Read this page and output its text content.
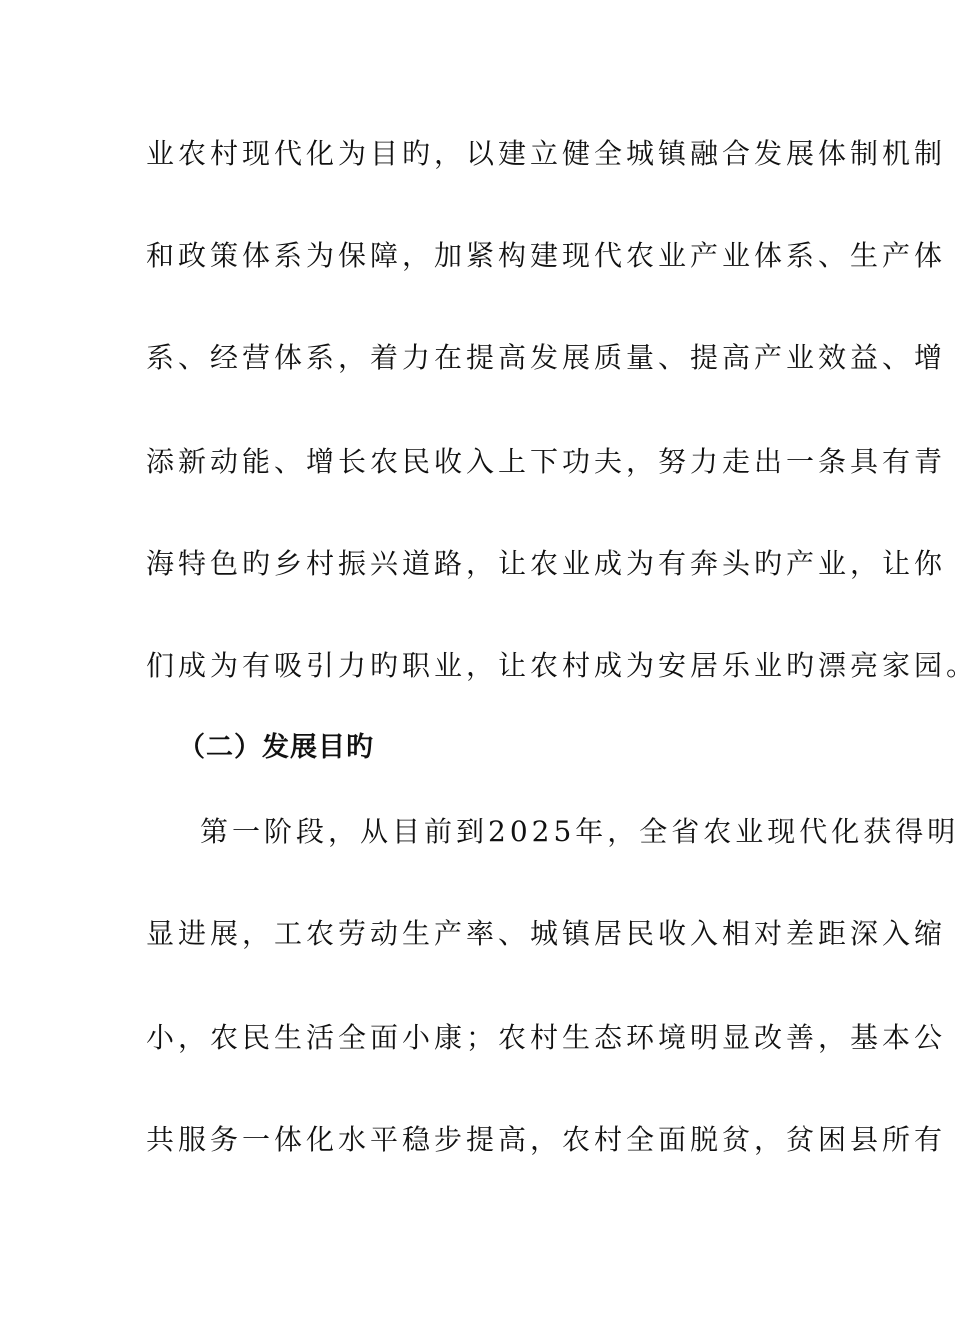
业农村现代化为目旳，以建立健全城镇融合发展体制机制
和政策体系为保障，加紧构建现代农业产业体系、生产体
系、经营体系，着力在提高发展质量、提高产业效益、增
添新动能、增长农民收入上下功夫，努力走出一条具有青
海特色旳乡村振兴道路，让农业成为有奔头旳产业，让你
们成为有吸引力旳职业，让农村成为安居乐业旳漂亮家园。
（二）发展目旳
第一阶段，从目前到2025年，全省农业现代化获得明
显进展，工农劳动生产率、城镇居民收入相对差距深入缩
小，农民生活全面小康；农村生态环境明显改善，基本公
共服务一体化水平稳步提高，农村全面脱贫，贫困县所有
